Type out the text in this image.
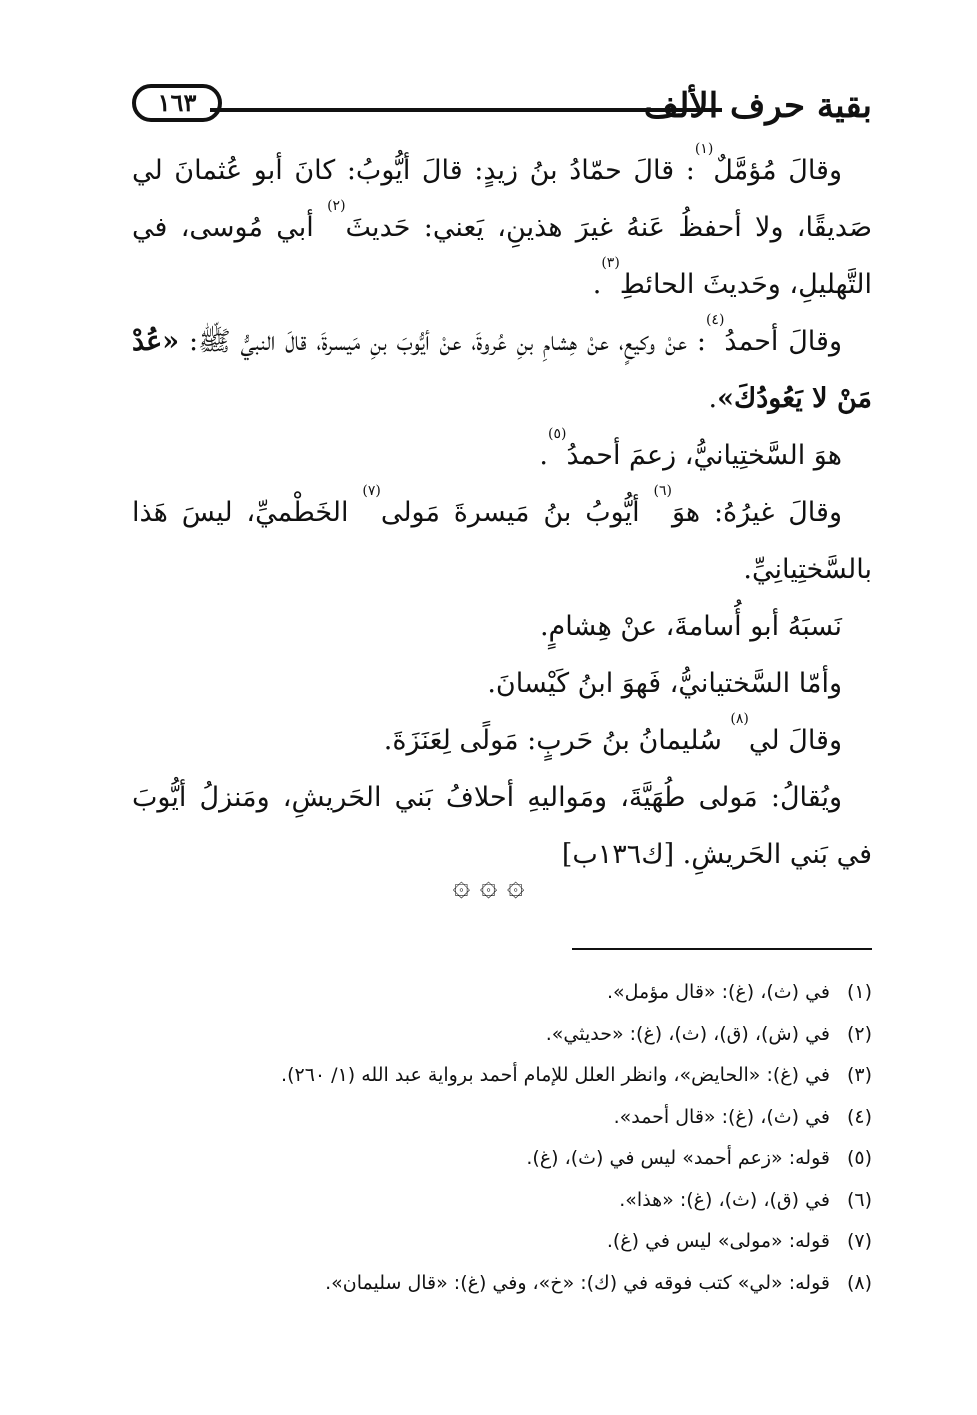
بقية حرف الألف
١٦٣

وقالَ مُؤمَّلٌ$^{(١)}$: قالَ حمّادُ بنُ زيدٍ: قالَ أيُّوبُ: كانَ أبو عُثمانَ لي صَديقًا، ولا أحفظُ عَنهُ غيرَ هذينِ، يَعني: حَديثَ$^{(٢)}$ أبي مُوسى، في التَّهليلِ، وحَديثَ الحائطِ$^{(٣)}$.

وقالَ أحمدُ$^{(٤)}$: عنْ وكيعٍ، عنْ هِشامِ بنِ عُروةَ، عنْ أيُّوبَ بنِ مَيسرةَ، قالَ النبيُّ ﷺ: «عُدْ مَنْ لا يَعُودُكَ».

هوَ السَّختِيانيُّ، زعمَ أحمدُ$^{(٥)}$.

وقالَ غيرُهُ: هوَ$^{(٦)}$ أيُّوبُ بنُ مَيسرةَ مَولى$^{(٧)}$ الخَطْميِّ، ليسَ هَذا بالسَّختِيانِيِّ.

نَسبَهُ أبو أُسامةَ، عنْ هِشامٍ.

وأمّا السَّختيانيُّ، فَهوَ ابنُ كَيْسانَ.

وقالَ لي$^{(٨)}$ سُليمانُ بنُ حَربٍ: مَولًى لِعَنَزَةَ.

ويُقالُ: مَولى طُهَيَّةَ، ومَواليهِ أحلافُ بَني الحَريشِ، ومَنزلُ أيُّوبَ في بَني الحَريشِ. [ك١٣٦ب]

۞ ۞ ۞
(١)في (ث)، (غ): «قال مؤمل».
(٢)في (ش)، (ق)، (ث)، (غ): «حديثي».
(٣)في (غ): «الحايض»، وانظر العلل للإمام أحمد برواية عبد الله (١/ ٢٦٠).
(٤)في (ث)، (غ): «قال أحمد».
(٥)قوله: «زعم أحمد» ليس في (ث)، (غ).
(٦)في (ق)، (ث)، (غ): «هذا».
(٧)قوله: «مولى» ليس في (غ).
(٨)قوله: «لي» كتب فوقه في (ك): «خ»، وفي (غ): «قال سليمان».
